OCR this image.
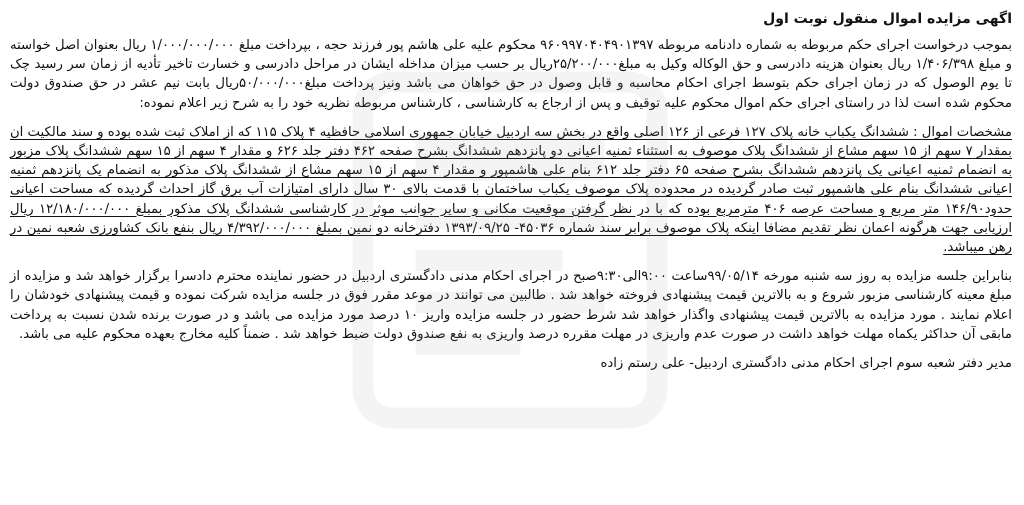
اگهی مزایده اموال منقول نوبت اول

بموجب درخواست اجرای حکم مربوطه به شماره دادنامه مربوطه ۹۶۰۹۹۷۰۴۰۴۹۰۱۳۹۷ محکوم علیه علی هاشم پور فرزند حجه ، بپرداخت مبلغ ۱/۰۰۰/۰۰۰/۰۰۰ ریال بعنوان اصل خواسته و مبلغ ۱/۴۰۶/۳۹۸ ریال بعنوان هزینه دادرسی و حق الوکاله وکیل به مبلغ۲۵/۲۰۰/۰۰۰ریال بر حسب میزان مداخله ایشان در مراحل دادرسی و خسارت تاخیر تأدیه از زمان سر رسید چک تا یوم الوصول که در زمان اجرای حکم بتوسط اجرای احکام محاسبه و قابل وصول در حق خواهان می باشد ونیز پرداخت مبلغ۵۰/۰۰۰/۰۰۰ریال بابت نیم عشر در حق صندوق دولت محکوم شده است لذا در راستای اجرای حکم اموال محکوم علیه توقیف و پس از ارجاع به کارشناسی ، کارشناس مربوطه نظریه خود را به شرح زیر اعلام نموده:

مشخصات اموال : ششدانگ یکباب خانه پلاک ۱۲۷ فرعی از ۱۲۶ اصلی واقع در بخش سه اردبیل خیابان جمهوری اسلامی حافظیه ۴ پلاک ۱۱۵ که از املاک ثبت شده بوده و سند مالکیت ان بمقدار ۷ سهم از ۱۵ سهم مشاع از ششدانگ پلاک موصوف به استثناء ثمنیه اعیانی دو پانزدهم ششدانگ بشرح صفحه ۴۶۲ دفتر جلد ۶۲۶ و مقدار ۴ سهم از ۱۵ سهم ششدانگ پلاک مزبور به انضمام ثمنیه اعیانی یک پانزدهم ششدانگ بشرح صفحه ۶۵ دفتر جلد ۶۱۲ بنام علی هاشمپور و مقدار ۴ سهم از ۱۵ سهم مشاع از ششدانگ پلاک مذکور به انضمام یک پانزدهم ثمنیه اعیانی ششدانگ بنام علی هاشمپور ثبت صادر گردیده در محدوده پلاک موصوف یکباب ساختمان با قدمت بالای ۳۰ سال دارای امتیازات آب برق گاز احداث گردیده که مساحت اعیانی حدود۱۴۶/۹۰ متر مربع و مساحت عرصه ۴۰۶ مترمربع بوده که با در نظر گرفتن موقعیت مکانی و سایر جوانب موثر در کارشناسی ششدانگ پلاک مذکور بمبلغ ۱۲/۱۸۰/۰۰۰/۰۰۰ ریال ارزیابی جهت هرگونه اعمان نظر تقدیم مضافا اینکه پلاک موصوف برابر سند شماره ۴۵۰۳۶- ۱۳۹۳/۰۹/۲۵ دفترخانه دو نمین بمبلغ ۴/۳۹۲/۰۰۰/۰۰۰ ریال بنفع بانک کشاورزی شعبه نمین در رهن میباشد.

بنابراین جلسه مزایده به روز سه شنبه مورخه ۹۹/۰۵/۱۴ساعت ۹:۰۰الی۹:۳۰صبح در اجرای احکام مدنی دادگستری اردبیل در حضور نماینده محترم دادسرا برگزار خواهد شد و مزایده از مبلغ معینه کارشناسی مزبور شروع و به بالاترین قیمت پیشنهادی فروخته خواهد شد . طالبین می توانند در موعد مقرر فوق در جلسه مزایده شرکت نموده و قیمت پیشنهادی خودشان را اعلام نمایند . مورد مزایده به بالاترین قیمت پیشنهادی واگذار خواهد شد شرط حضور در جلسه مزایده واریز ۱۰ درصد مورد مزایده می باشد و در صورت برنده شدن نسبت به پرداخت مابقی آن حداکثر یکماه مهلت خواهد داشت در صورت عدم واریزی در مهلت مقرره درصد واریزی به نفع صندوق دولت ضبط خواهد شد . ضمناً کلیه مخارج بعهده محکوم علیه می باشد.

مدیر دفتر شعبه سوم اجرای احکام مدنی دادگستری اردبیل- علی رستم زاده
